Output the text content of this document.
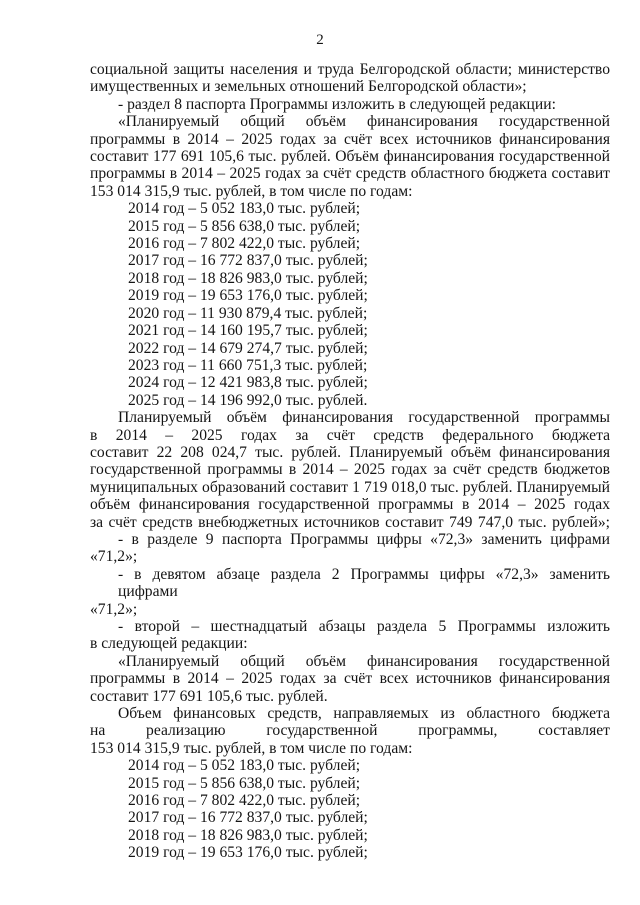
2
социальной защиты населения и труда Белгородской области; министерство
имущественных и земельных отношений Белгородской области»;
- раздел 8 паспорта Программы изложить в следующей редакции:
«Планируемый общий объём финансирования государственной
программы в 2014 – 2025 годах за счёт всех источников финансирования
составит 177 691 105,6 тыс. рублей. Объём финансирования государственной
программы в 2014 – 2025 годах за счёт средств областного бюджета составит
153 014 315,9 тыс. рублей, в том числе по годам:
2014 год – 5 052 183,0 тыс. рублей;
2015 год – 5 856 638,0 тыс. рублей;
2016 год – 7 802 422,0 тыс. рублей;
2017 год – 16 772 837,0 тыс. рублей;
2018 год – 18 826 983,0 тыс. рублей;
2019 год – 19 653 176,0 тыс. рублей;
2020 год – 11 930 879,4 тыс. рублей;
2021 год – 14 160 195,7 тыс. рублей;
2022 год – 14 679 274,7 тыс. рублей;
2023 год – 11 660 751,3 тыс. рублей;
2024 год – 12 421 983,8 тыс. рублей;
2025 год – 14 196 992,0 тыс. рублей.
Планируемый объём финансирования государственной программы
в 2014 – 2025 годах за счёт средств федерального бюджета
составит 22 208 024,7 тыс. рублей. Планируемый объём финансирования
государственной программы в 2014 – 2025 годах за счёт средств бюджетов
муниципальных образований составит 1 719 018,0 тыс. рублей. Планируемый
объём финансирования государственной программы в 2014 – 2025 годах
за счёт средств внебюджетных источников составит 749 747,0 тыс. рублей»;
- в разделе 9 паспорта Программы цифры «72,3» заменить цифрами
«71,2»;
- в девятом абзаце раздела 2 Программы цифры «72,3» заменить цифрами
«71,2»;
- второй – шестнадцатый абзацы раздела 5 Программы изложить
в следующей редакции:
«Планируемый общий объём финансирования государственной
программы в 2014 – 2025 годах за счёт всех источников финансирования
составит 177 691 105,6 тыс. рублей.
Объем финансовых средств, направляемых из областного бюджета
на реализацию государственной программы, составляет
153 014 315,9 тыс. рублей, в том числе по годам:
2014 год – 5 052 183,0 тыс. рублей;
2015 год – 5 856 638,0 тыс. рублей;
2016 год – 7 802 422,0 тыс. рублей;
2017 год – 16 772 837,0 тыс. рублей;
2018 год – 18 826 983,0 тыс. рублей;
2019 год – 19 653 176,0 тыс. рублей;
